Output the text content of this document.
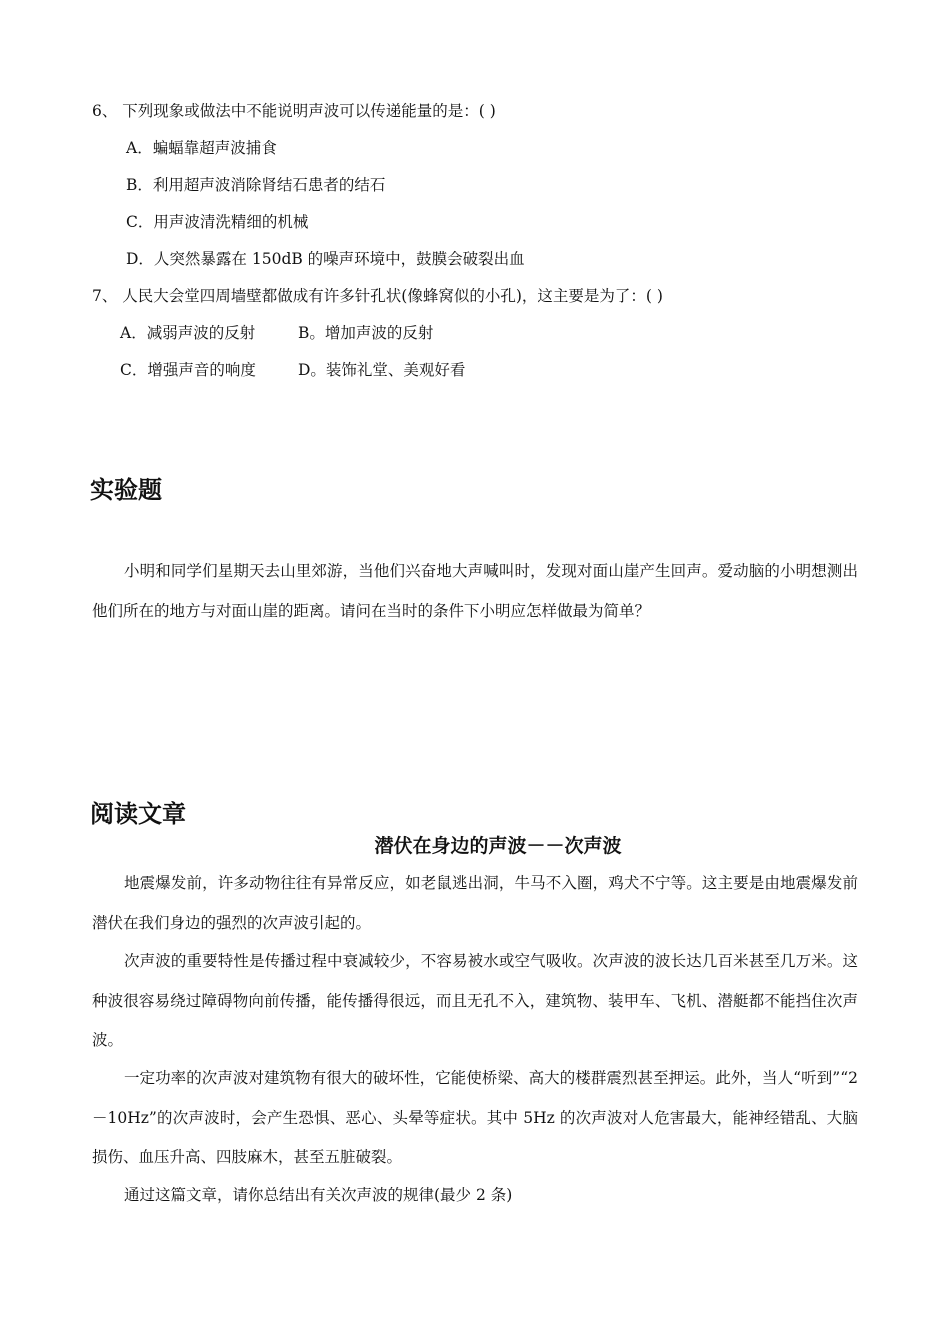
6、 下列现象或做法中不能说明声波可以传递能量的是：( )
A．蝙蝠靠超声波捕食
B．利用超声波消除肾结石患者的结石
C．用声波清洗精细的机械
D．人突然暴露在 150dB 的噪声环境中，鼓膜会破裂出血
7、 人民大会堂四周墙壁都做成有许多针孔状(像蜂窝似的小孔)，这主要是为了：( )
A．减弱声波的反射	B。增加声波的反射
C．增强声音的响度	D。装饰礼堂、美观好看
实验题
小明和同学们星期天去山里郊游，当他们兴奋地大声喊叫时，发现对面山崖产生回声。爱动脑的小明想测出他们所在的地方与对面山崖的距离。请问在当时的条件下小明应怎样做最为简单？
阅读文章
潜伏在身边的声波－－次声波
地震爆发前，许多动物往往有异常反应，如老鼠逃出洞，牛马不入圈，鸡犬不宁等。这主要是由地震爆发前潜伏在我们身边的强烈的次声波引起的。
次声波的重要特性是传播过程中衰减较少，不容易被水或空气吸收。次声波的波长达几百米甚至几万米。这种波很容易绕过障碍物向前传播，能传播得很远，而且无孔不入，建筑物、装甲车、飞机、潜艇都不能挡住次声波。
一定功率的次声波对建筑物有很大的破坏性，它能使桥梁、高大的楼群震烈甚至押运。此外，当人“听到”“2－10Hz”的次声波时，会产生恐惧、恶心、头晕等症状。其中 5Hz 的次声波对人危害最大，能神经错乱、大脑损伤、血压升高、四肢麻木，甚至五脏破裂。
通过这篇文章，请你总结出有关次声波的规律(最少 2 条)
